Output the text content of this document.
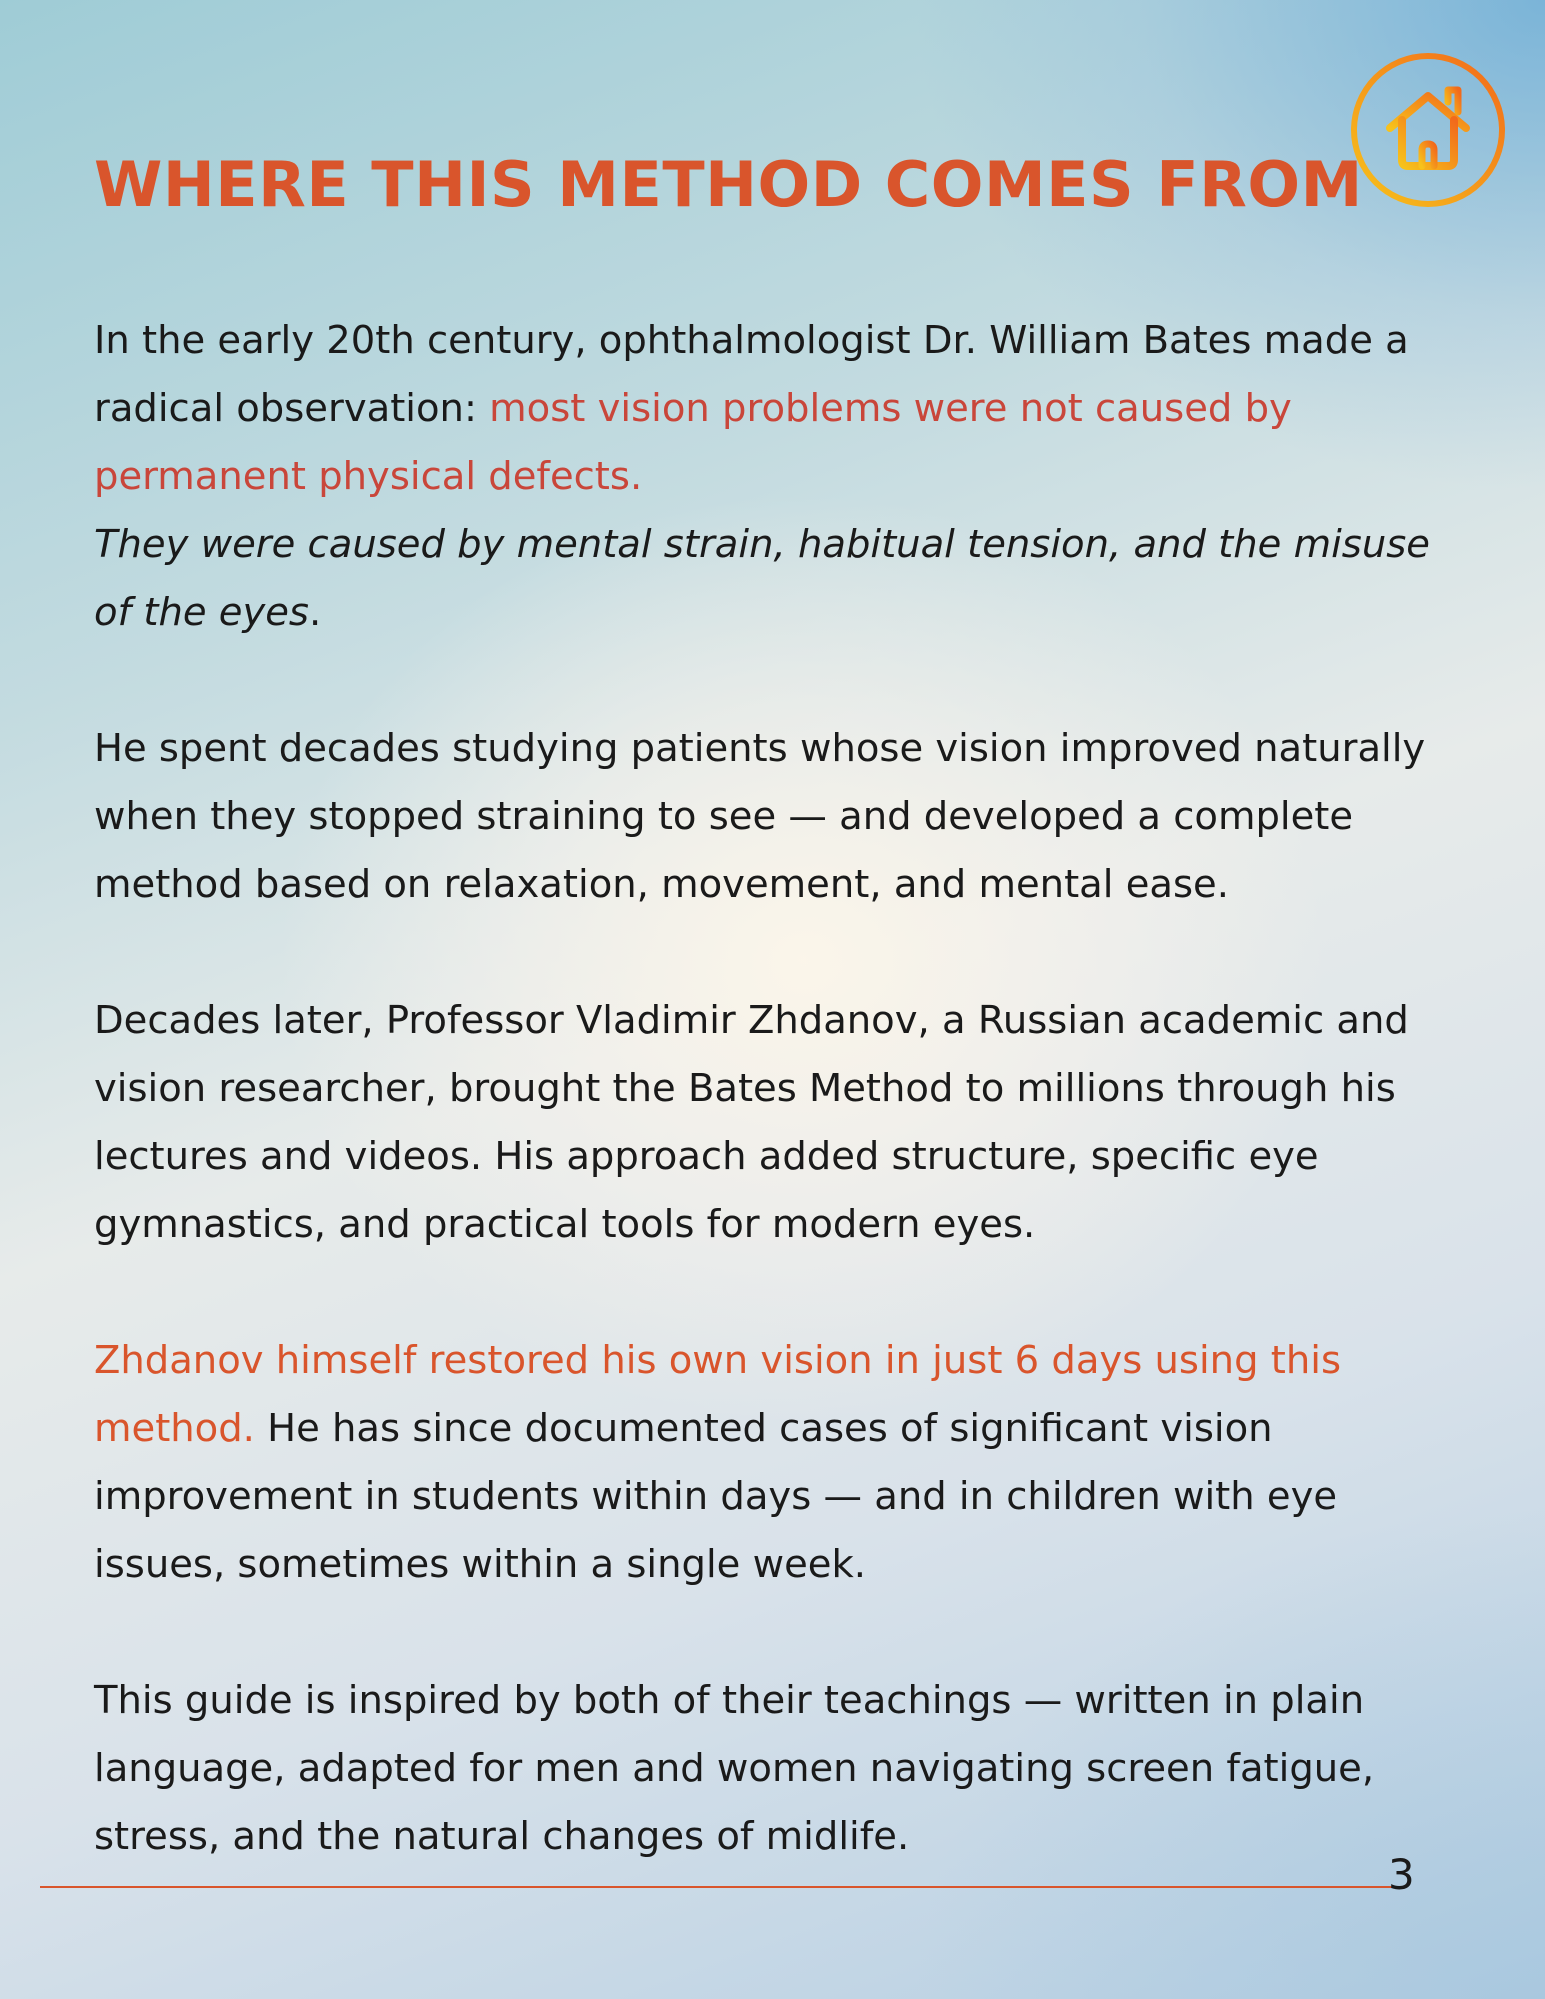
WHERE THIS METHOD COMES FROM

In the early 20th century, ophthalmologist Dr. William Bates made a radical observation: most vision problems were not caused by permanent physical defects.
They were caused by mental strain, habitual tension, and the misuse of the eyes.

He spent decades studying patients whose vision improved naturally when they stopped straining to see — and developed a complete method based on relaxation, movement, and mental ease.

Decades later, Professor Vladimir Zhdanov, a Russian academic and vision researcher, brought the Bates Method to millions through his lectures and videos. His approach added structure, specific eye gymnastics, and practical tools for modern eyes.

Zhdanov himself restored his own vision in just 6 days using this method. He has since documented cases of significant vision improvement in students within days — and in children with eye issues, sometimes within a single week.

This guide is inspired by both of their teachings — written in plain language, adapted for men and women navigating screen fatigue, stress, and the natural changes of midlife.

3
